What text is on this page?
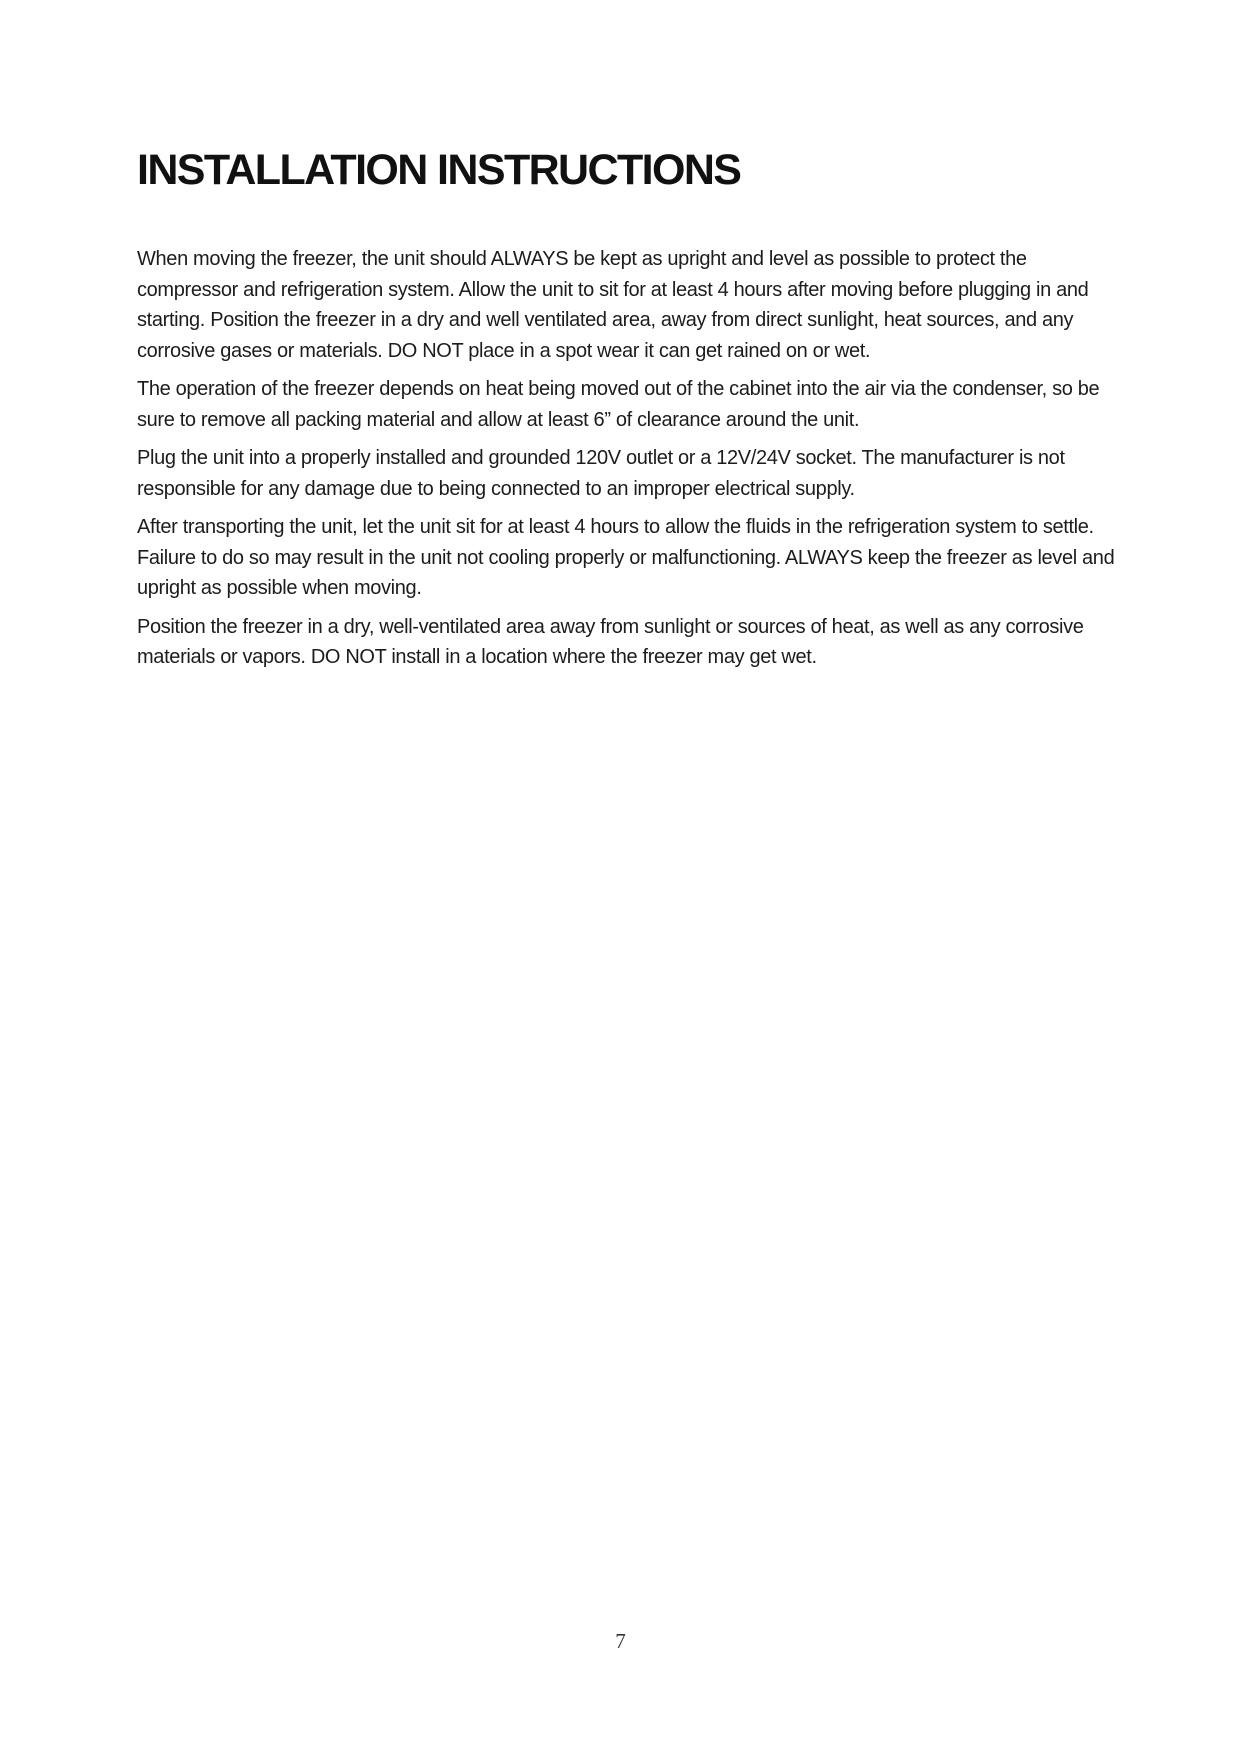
INSTALLATION INSTRUCTIONS

When moving the freezer, the unit should ALWAYS be kept as upright and level as possible to protect the compressor and refrigeration system. Allow the unit to sit for at least 4 hours after moving before plugging in and starting. Position the freezer in a dry and well ventilated area, away from direct sunlight, heat sources, and any corrosive gases or materials. DO NOT place in a spot wear it can get rained on or wet.

The operation of the freezer depends on heat being moved out of the cabinet into the air via the condenser, so be sure to remove all packing material and allow at least 6” of clearance around the unit.

Plug the unit into a properly installed and grounded 120V outlet or a 12V/24V socket. The manufacturer is not responsible for any damage due to being connected to an improper electrical supply.

After transporting the unit, let the unit sit for at least 4 hours to allow the fluids in the refrigeration system to settle. Failure to do so may result in the unit not cooling properly or malfunctioning. ALWAYS keep the freezer as level and upright as possible when moving.

Position the freezer in a dry, well-ventilated area away from sunlight or sources of heat, as well as any corrosive materials or vapors. DO NOT install in a location where the freezer may get wet.

7
